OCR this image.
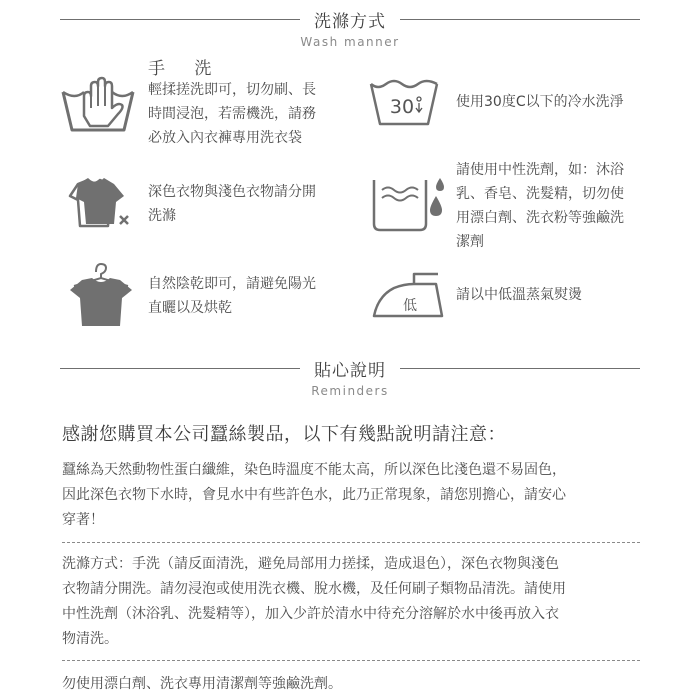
洗滌方式
Wash manner
手 洗
輕揉搓洗即可，切勿刷、長
時間浸泡，若需機洗，請務
必放入內衣褲專用洗衣袋
30	使用30度C以下的冷水洗淨
深色衣物與淺色衣物請分開
洗滌
請使用中性洗劑，如：沐浴
乳、香皂、洗髮精，切勿使
用漂白劑、洗衣粉等強鹼洗
潔劑
自然陰乾即可，請避免陽光
直曬以及烘乾	低
請以中低溫蒸氣熨燙
貼心說明
Reminders
感謝您購買本公司蠶絲製品，以下有幾點說明請注意：
蠶絲為天然動物性蛋白纖維，染色時溫度不能太高，所以深色比淺色還不易固色，
因此深色衣物下水時，會見水中有些許色水，此乃正常現象，請您別擔心，請安心
穿著！
洗滌方式：手洗（請反面清洗，避免局部用力搓揉，造成退色），深色衣物與淺色
衣物請分開洗。請勿浸泡或使用洗衣機、脫水機，及任何刷子類物品清洗。請使用
中性洗劑（沐浴乳、洗髮精等），加入少許於清水中待充分溶解於水中後再放入衣
物清洗。
勿使用漂白劑、洗衣專用清潔劑等強鹼洗劑。
